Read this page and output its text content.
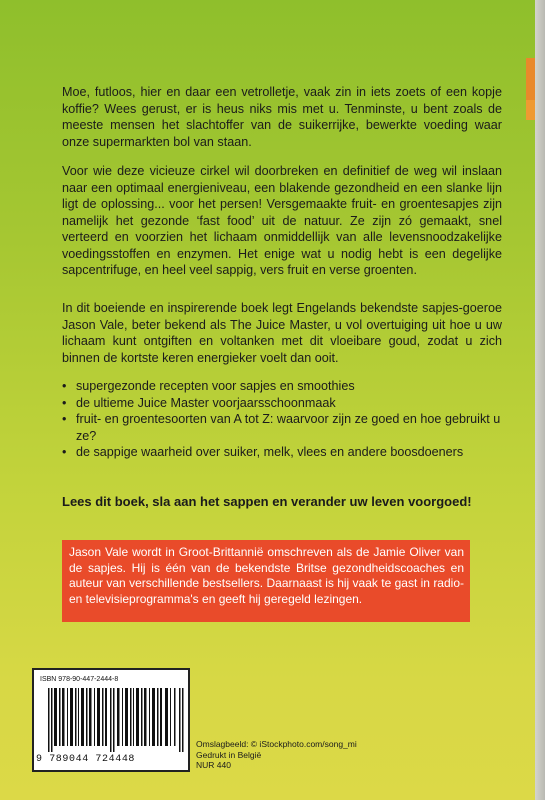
Moe, futloos, hier en daar een vetrolletje, vaak zin in iets zoets of een kopje koffie? Wees gerust, er is heus niks mis met u. Tenminste, u bent zoals de meeste mensen het slachtoffer van de suikerrijke, bewerkte voeding waar onze supermarkten bol van staan.
Voor wie deze vicieuze cirkel wil doorbreken en definitief de weg wil inslaan naar een optimaal energieniveau, een blakende gezondheid en een slanke lijn ligt de oplossing... voor het persen! Versgemaakte fruit- en groentesapjes zijn namelijk het gezonde ‘fast food’ uit de natuur. Ze zijn zó gemaakt, snel verteerd en voorzien het lichaam onmiddellijk van alle levensnoodzakelijke voedingsstoffen en enzymen. Het enige wat u nodig hebt is een degelijke sapcentrifuge, en heel veel sappig, vers fruit en verse groenten.
In dit boeiende en inspirerende boek legt Engelands bekendste sapjes-goeroe Jason Vale, beter bekend als The Juice Master, u vol overtuiging uit hoe u uw lichaam kunt ontgiften en voltanken met dit vloeibare goud, zodat u zich binnen de kortste keren energieker voelt dan ooit.
• supergezonde recepten voor sapjes en smoothies
• de ultieme Juice Master voorjaarsschoonmaak
• fruit- en groentesoorten van A tot Z: waarvoor zijn ze goed en hoe gebruikt u ze?
• de sappige waarheid over suiker, melk, vlees en andere boosdoeners
Lees dit boek, sla aan het sappen en verander uw leven voorgoed!
Jason Vale wordt in Groot-Brittannië omschreven als de Jamie Oliver van de sapjes. Hij is één van de bekendste Britse gezondheidscoaches en auteur van verschillende bestsellers. Daarnaast is hij vaak te gast in radio- en televisieprogramma's en geeft hij geregeld lezingen.
ISBN 978-90-447-2444-8
9 789044 724448
Omslagbeeld: © iStockphoto.com/song_mi
Gedrukt in België
NUR 440
